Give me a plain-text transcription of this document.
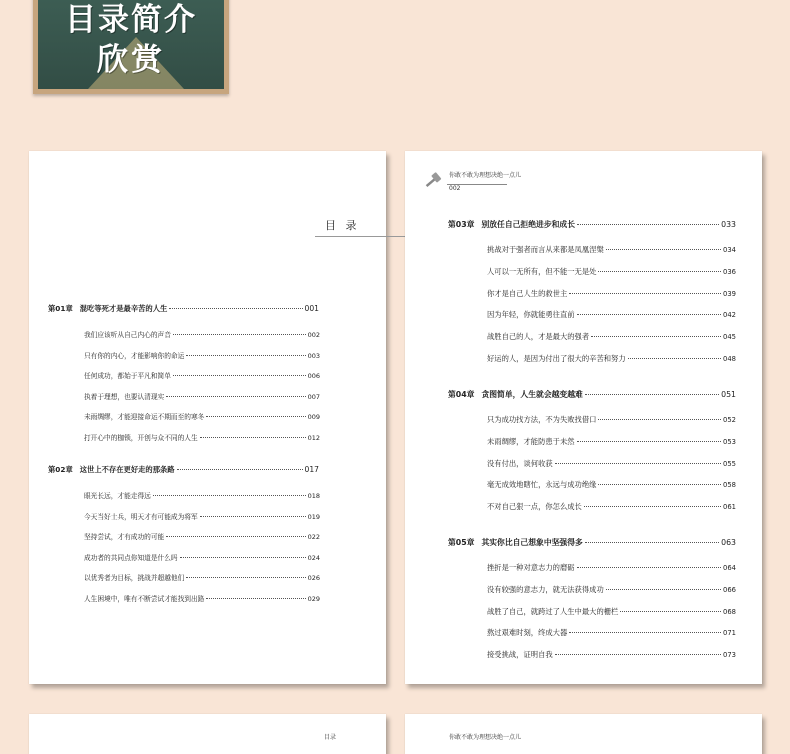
目录简介
欣赏
目 录
第01章 混吃等死才是最辛苦的人生	001
我们应该听从自己内心的声音	002
只有你的内心，才能影响你的命运	003
任何成功，都始于平凡和简单	006
执着于理想，也要认清现实	007
未雨绸缪，才能迎接命运不期而至的寒冬	009
打开心中的枷锁，开创与众不同的人生	012
第02章 这世上不存在更好走的那条路	017
眼光长远，才能走得远	018
今天当好士兵，明天才有可能成为将军	019
坚持尝试，才有成功的可能	022
成功者的共同点你知道是什么吗	024
以优秀者为目标，挑战并超越他们	026
人生困境中，唯有不断尝试才能找到出路	029
你敢不敢为理想决绝一点儿
002
第03章 别放任自己拒绝进步和成长	033
挑战对于强者而言从来都是凤凰涅槃	034
人可以一无所有，但不能一无是处	036
你才是自己人生的救世主	039
因为年轻，你就能勇往直前	042
战胜自己的人，才是最大的强者	045
好运的人，是因为付出了很大的辛苦和努力	048
第04章 贪图简单，人生就会越变越难	051
只为成功找方法，不为失败找借口	052
未雨绸缪，才能防患于未然	053
没有付出，谈何收获	055
毫无成效地瞎忙，永远与成功绝缘	058
不对自己狠一点，你怎么成长	061
第05章 其实你比自己想象中坚强得多	063
挫折是一种对意志力的磨砺	064
没有较强的意志力，就无法获得成功	066
战胜了自己，就跨过了人生中最大的栅栏	068
熬过艰难时刻，终成大器	071
接受挑战，证明自我	073
目录	你敢不敢为理想决绝一点儿
